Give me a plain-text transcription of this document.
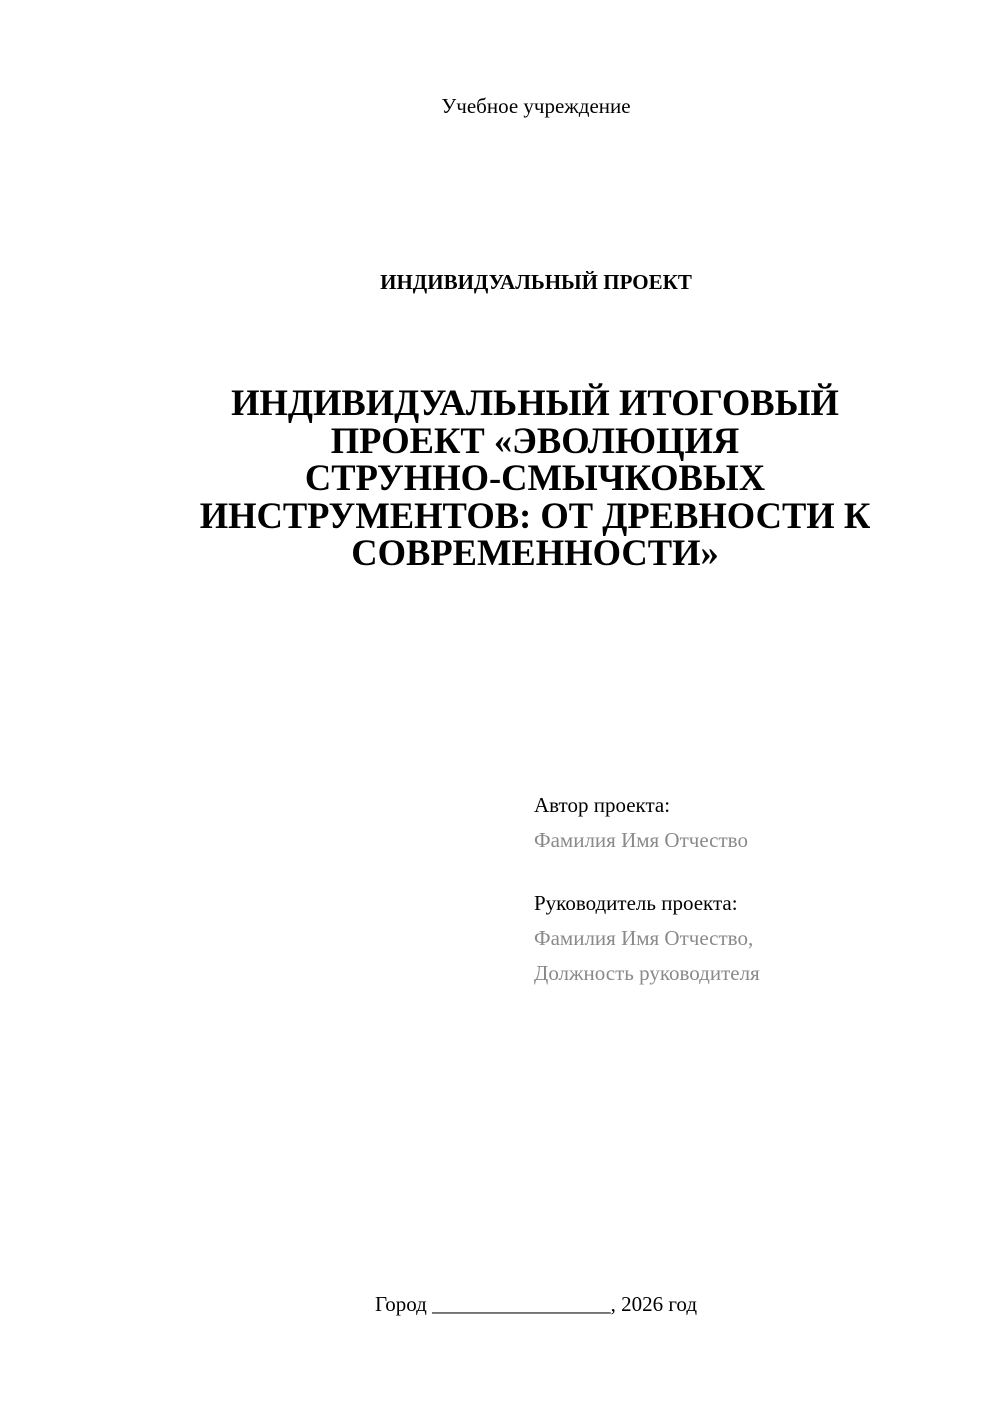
Учебное учреждение
ИНДИВИДУАЛЬНЫЙ ПРОЕКТ
ИНДИВИДУАЛЬНЫЙ ИТОГОВЫЙ
ПРОЕКТ «ЭВОЛЮЦИЯ
СТРУННО-СМЫЧКОВЫХ
ИНСТРУМЕНТОВ: ОТ ДРЕВНОСТИ К
СОВРЕМЕННОСТИ»
Автор проекта:
Фамилия Имя Отчество
Руководитель проекта:
Фамилия Имя Отчество,
Должность руководителя
Город _________________, 2026 год
